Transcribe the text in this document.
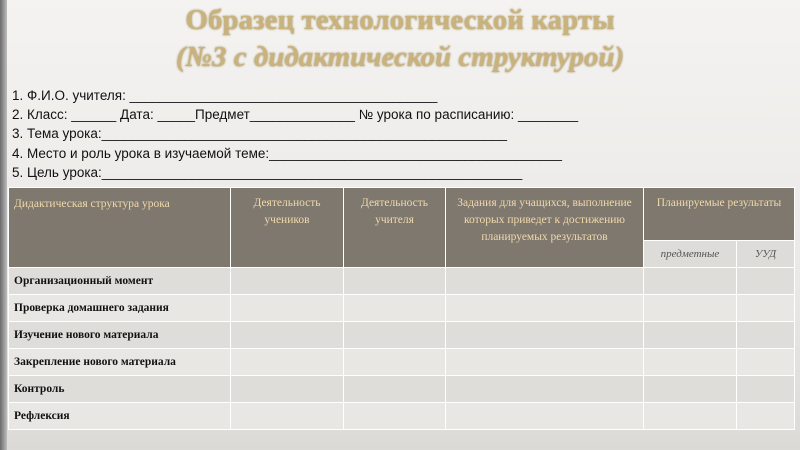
Образец технологической карты
(№3 с дидактической структурой)
1. Ф.И.О. учителя: _________________________________________
2. Класс: ______ Дата: _____Предмет______________ № урока по расписанию: ________
3. Тема урока:______________________________________________________
4. Место и роль урока в изучаемой теме:_______________________________________
5. Цель урока:________________________________________________________
Дидактическая структура урока	Деятельность учеников	Деятельность учителя	Задания для учащихся, выполнение которых приведет к достижению планируемых результатов	Планируемые результаты	
				предметные	УУД
Организационный момент					
Проверка домашнего задания					
Изучение нового материала					
Закрепление нового материала					
Контроль					
Рефлексия					
